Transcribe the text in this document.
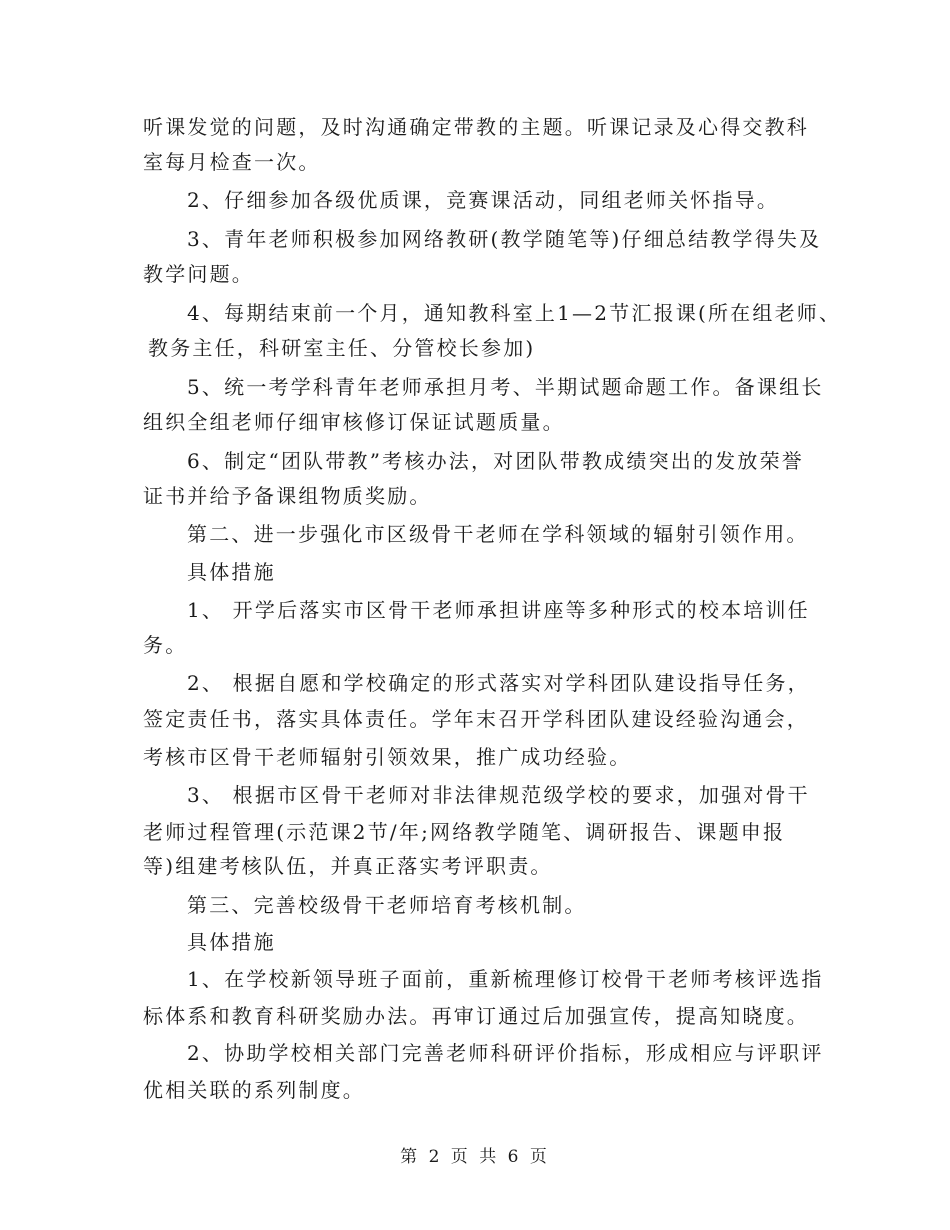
听课发觉的问题，及时沟通确定带教的主题。听课记录及心得交教科
室每月检查一次。
2、仔细参加各级优质课，竞赛课活动，同组老师关怀指导。
3、青年老师积极参加网络教研(教学随笔等)仔细总结教学得失及
教学问题。
4、每期结束前一个月，通知教科室上1—2节汇报课(所在组老师、
教务主任，科研室主任、分管校长参加)
5、统一考学科青年老师承担月考、半期试题命题工作。备课组长
组织全组老师仔细审核修订保证试题质量。
6、制定“团队带教”考核办法，对团队带教成绩突出的发放荣誉
证书并给予备课组物质奖励。
第二、进一步强化市区级骨干老师在学科领域的辐射引领作用。
具体措施
1、 开学后落实市区骨干老师承担讲座等多种形式的校本培训任
务。
2、 根据自愿和学校确定的形式落实对学科团队建设指导任务，
签定责任书，落实具体责任。学年末召开学科团队建设经验沟通会，
考核市区骨干老师辐射引领效果，推广成功经验。
3、 根据市区骨干老师对非法律规范级学校的要求，加强对骨干
老师过程管理(示范课2节/年;网络教学随笔、调研报告、课题申报
等)组建考核队伍，并真正落实考评职责。
第三、完善校级骨干老师培育考核机制。
具体措施
1、在学校新领导班子面前，重新梳理修订校骨干老师考核评选指
标体系和教育科研奖励办法。再审订通过后加强宣传，提高知晓度。
2、协助学校相关部门完善老师科研评价指标，形成相应与评职评
优相关联的系列制度。
第 2 页 共 6 页
